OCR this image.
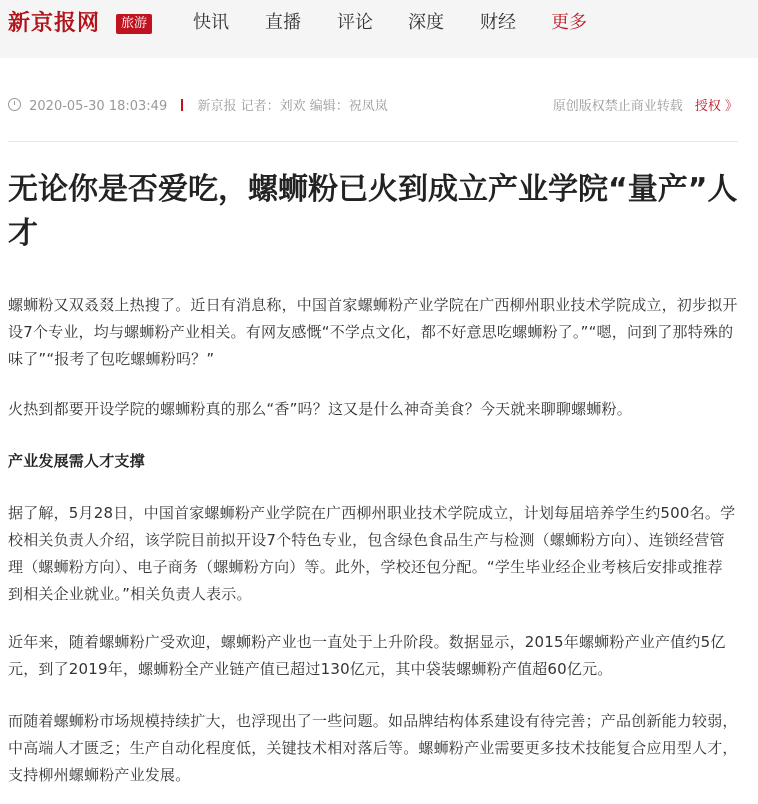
新京报网	旅游	快讯 直播 评论 深度 财经 更多
2020-05-30 18:03:49 新京报 记者：刘欢 编辑：祝凤岚	原创版权禁止商业转载 授权 》
无论你是否爱吃，螺蛳粉已火到成立产业学院“量产”人才

螺蛳粉又双叒叕上热搜了。近日有消息称，中国首家螺蛳粉产业学院在广西柳州职业技术学院成立，初步拟开设7个专业，均与螺蛳粉产业相关。有网友感慨“不学点文化，都不好意思吃螺蛳粉了。”“嗯，问到了那特殊的味了”“报考了包吃螺蛳粉吗？”

火热到都要开设学院的螺蛳粉真的那么“香”吗？这又是什么神奇美食？今天就来聊聊螺蛳粉。

产业发展需人才支撑

据了解，5月28日，中国首家螺蛳粉产业学院在广西柳州职业技术学院成立，计划每届培养学生约500名。学校相关负责人介绍，该学院目前拟开设7个特色专业，包含绿色食品生产与检测（螺蛳粉方向）、连锁经营管理（螺蛳粉方向）、电子商务（螺蛳粉方向）等。此外，学校还包分配。“学生毕业经企业考核后安排或推荐到相关企业就业。”相关负责人表示。

近年来，随着螺蛳粉广受欢迎，螺蛳粉产业也一直处于上升阶段。数据显示，2015年螺蛳粉产业产值约5亿元，到了2019年，螺蛳粉全产业链产值已超过130亿元，其中袋装螺蛳粉产值超60亿元。

而随着螺蛳粉市场规模持续扩大，也浮现出了一些问题。如品牌结构体系建设有待完善；产品创新能力较弱，中高端人才匮乏；生产自动化程度低，关键技术相对落后等。螺蛳粉产业需要更多技术技能复合应用型人才，支持柳州螺蛳粉产业发展。
